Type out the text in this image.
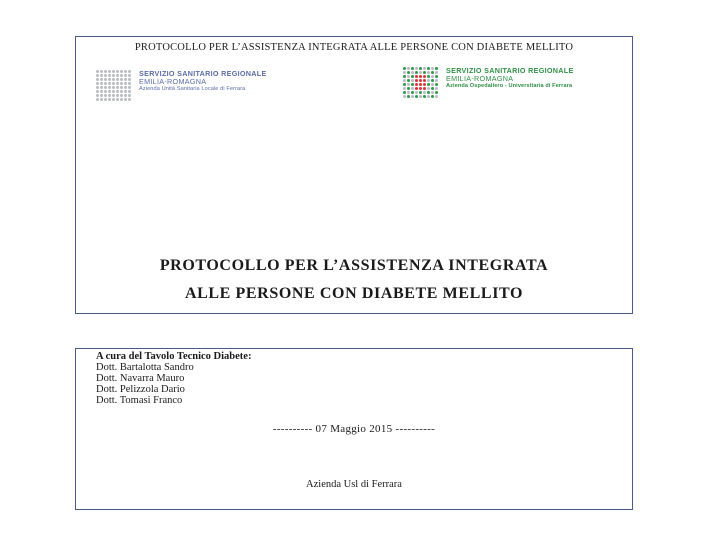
PROTOCOLLO PER L’ASSISTENZA INTEGRATA ALLE PERSONE CON DIABETE MELLITO
SERVIZIO SANITARIO REGIONALE
EMILIA-ROMAGNA
Azienda Unità Sanitaria Locale di Ferrara
SERVIZIO SANITARIO REGIONALE
EMILIA-ROMAGNA
Azienda Ospedaliero - Universitaria di Ferrara
PROTOCOLLO PER L’ASSISTENZA INTEGRATA
ALLE PERSONE CON DIABETE MELLITO
A cura del Tavolo Tecnico Diabete:
Dott. Bartalotta Sandro
Dott. Navarra Mauro
Dott. Pelizzola Dario
Dott. Tomasi Franco
---------- 07 Maggio 2015 ----------
Azienda Usl di Ferrara
